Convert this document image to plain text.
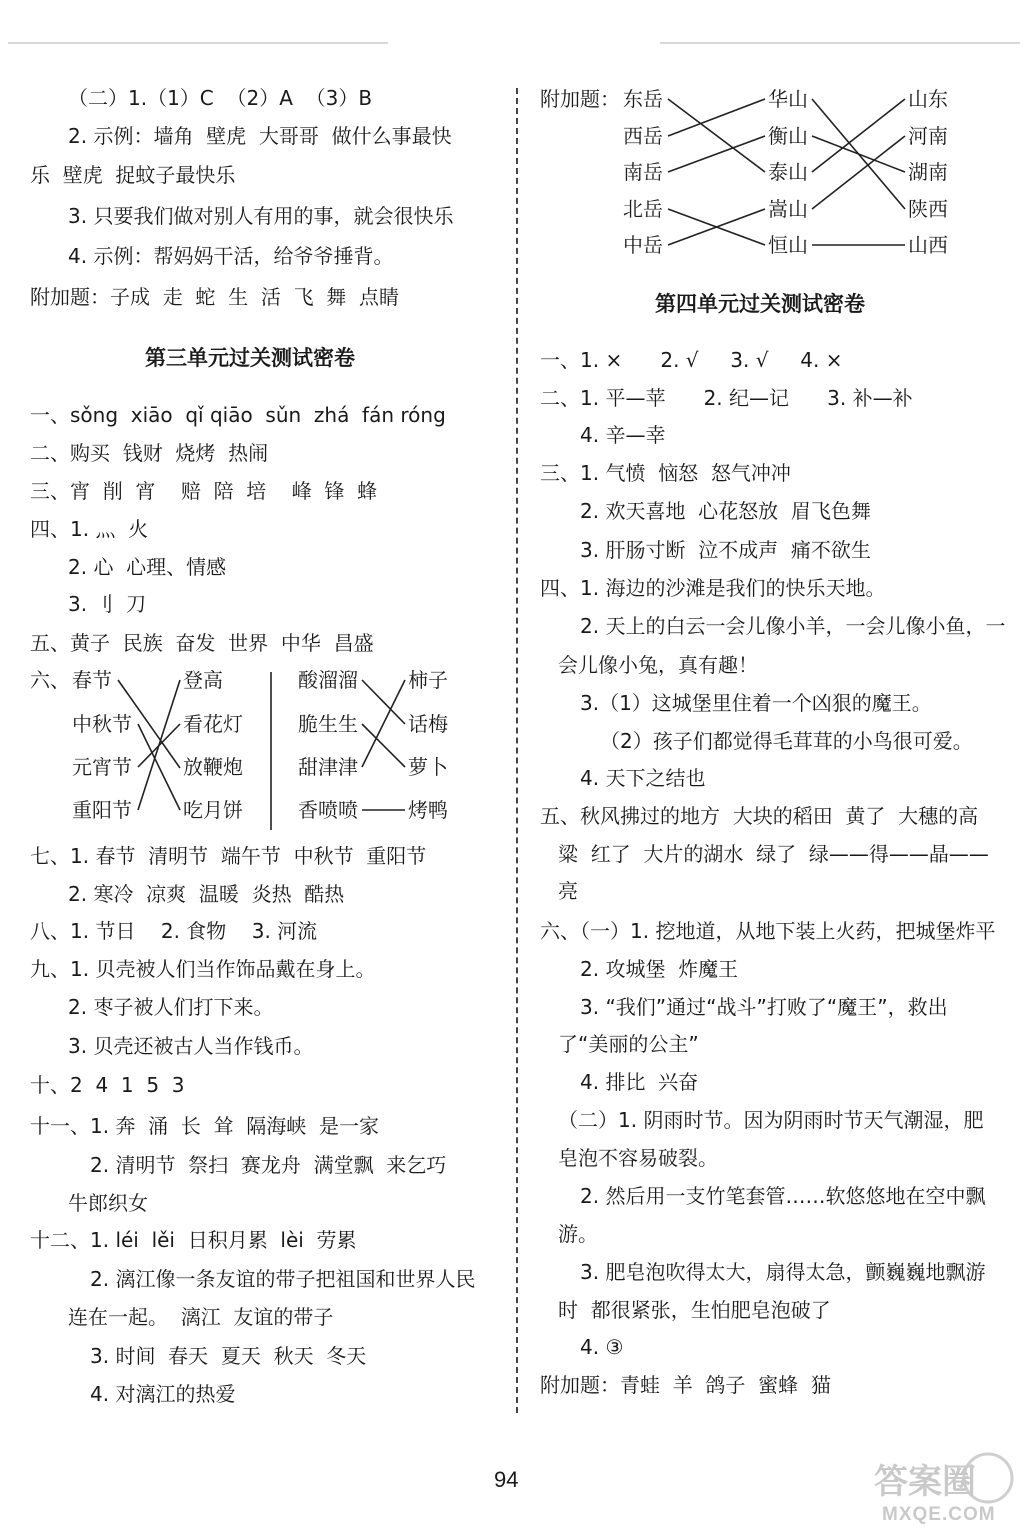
（二）1.（1）C  （2）A  （3）B
2. 示例：墙角  壁虎  大哥哥  做什么事最快
乐  壁虎  捉蚊子最快乐
3. 只要我们做对别人有用的事，就会很快乐
4. 示例：帮妈妈干活，给爷爷捶背。
附加题：子成  走  蛇  生  活  飞  舞  点睛
第三单元过关测试密卷
一、sǒng  xiāo  qǐ qiāo  sǔn  zhá  fán róng
二、购买  钱财  烧烤  热闹
三、宵  削  宵    赔  陪  培    峰  锋  蜂
四、1. 灬  火
2. 心  心理、情感
3. 刂  刀
五、黄子  民族  奋发  世界  中华  昌盛
六、 春节
中秋节
元宵节
重阳节
登高
看花灯
放鞭炮
吃月饼
酸溜溜
脆生生
甜津津
香喷喷
柿子
话梅
萝卜
烤鸭
七、1. 春节  清明节  端午节  中秋节  重阳节
2. 寒冷  凉爽  温暖  炎热  酷热
八、1. 节日    2. 食物    3. 河流
九、1. 贝壳被人们当作饰品戴在身上。
2. 枣子被人们打下来。
3. 贝壳还被古人当作钱币。
十、2  4  1  5  3
十一、1. 奔  涌  长  耸  隔海峡  是一家
2. 清明节  祭扫  赛龙舟  满堂飘  来乞巧
牛郎织女
十二、1. léi  lěi  日积月累  lèi  劳累
2. 漓江像一条友谊的带子把祖国和世界人民
连在一起。  漓江  友谊的带子
3. 时间  春天  夏天  秋天  冬天
4. 对漓江的热爱
附加题： 东岳
西岳
南岳
北岳
中岳
华山
衡山
泰山
嵩山
恒山
山东
河南
湖南
陕西
山西
第四单元过关测试密卷
一、1. ×      2. √     3. √     4. ×
二、1. 平—苹      2. 纪—记      3. 补—补
4. 辛—幸
三、1. 气愤  恼怒  怒气冲冲
2. 欢天喜地  心花怒放  眉飞色舞
3. 肝肠寸断  泣不成声  痛不欲生
四、1. 海边的沙滩是我们的快乐天地。
2. 天上的白云一会儿像小羊，一会儿像小鱼，一
会儿像小兔，真有趣！
3.（1）这城堡里住着一个凶狠的魔王。
（2）孩子们都觉得毛茸茸的小鸟很可爱。
4. 天下之结也
五、秋风拂过的地方  大块的稻田  黄了  大穗的高
粱  红了  大片的湖水  绿了  绿——得——晶——
亮
六、（一）1. 挖地道，从地下装上火药，把城堡炸平
2. 攻城堡  炸魔王
3. “我们”通过“战斗”打败了“魔王”，救出
了“美丽的公主”
4. 排比  兴奋
（二）1. 阴雨时节。因为阴雨时节天气潮湿，肥
皂泡不容易破裂。
2. 然后用一支竹笔套管……软悠悠地在空中飘
游。
3. 肥皂泡吹得太大，扇得太急，颤巍巍地飘游
时  都很紧张，生怕肥皂泡破了
4. ③
附加题：青蛙  羊  鸽子  蜜蜂  猫
94	答案圈
MXQE.COM
